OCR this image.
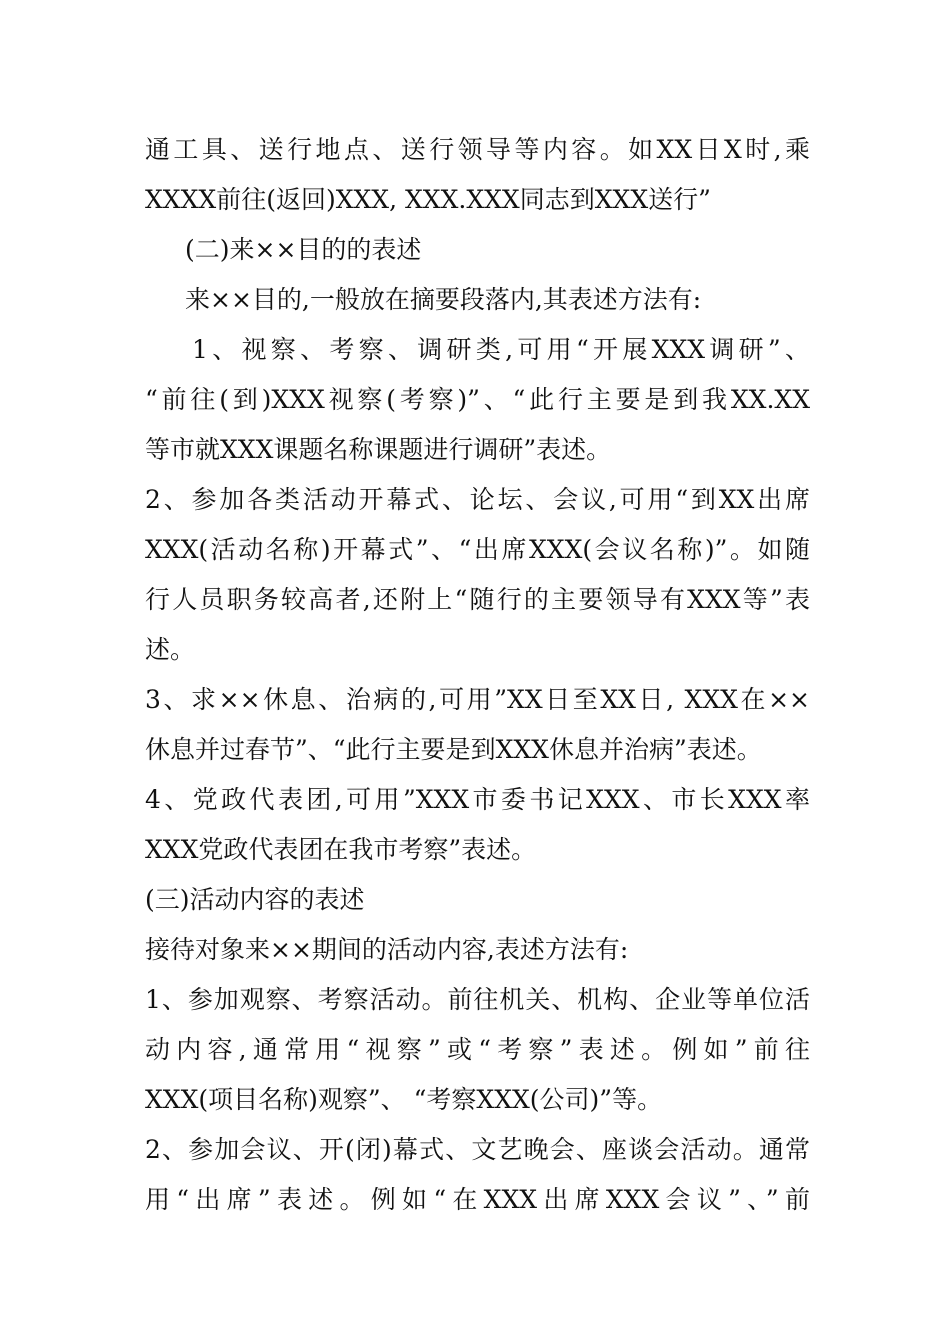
通工具、送行地点、送行领导等内容。如XX日X时,乘
XXXX前往(返回)XXX, XXX.XXX同志到XXX送行”
(二)来××目的的表述
来××目的,一般放在摘要段落内,其表述方法有:
1、视察、考察、调研类,可用“开展XXX调研”、
“前往(到)XXX视察(考察)”、“此行主要是到我XX.XX
等市就XXX课题名称课题进行调研”表述。
2、参加各类活动开幕式、论坛、会议,可用“到XX出席
XXX(活动名称)开幕式”、“出席XXX(会议名称)”。如随
行人员职务较高者,还附上“随行的主要领导有XXX等”表
述。
3、求××休息、治病的,可用”XX日至XX日, XXX在××
休息并过春节”、“此行主要是到XXX休息并治病”表述。
4、党政代表团,可用”XXX市委书记XXX、市长XXX率
XXX党政代表团在我市考察”表述。
(三)活动内容的表述
接待对象来××期间的活动内容,表述方法有:
1、参加观察、考察活动。前往机关、机构、企业等单位活
动内容,通常用“视察”或“考察”表述。例如”前往
XXX(项目名称)观察”、 “考察XXX(公司)”等。
2、参加会议、开(闭)幕式、文艺晚会、座谈会活动。通常
用“出席”表述。例如“在XXX出席XXX会议”、”前
